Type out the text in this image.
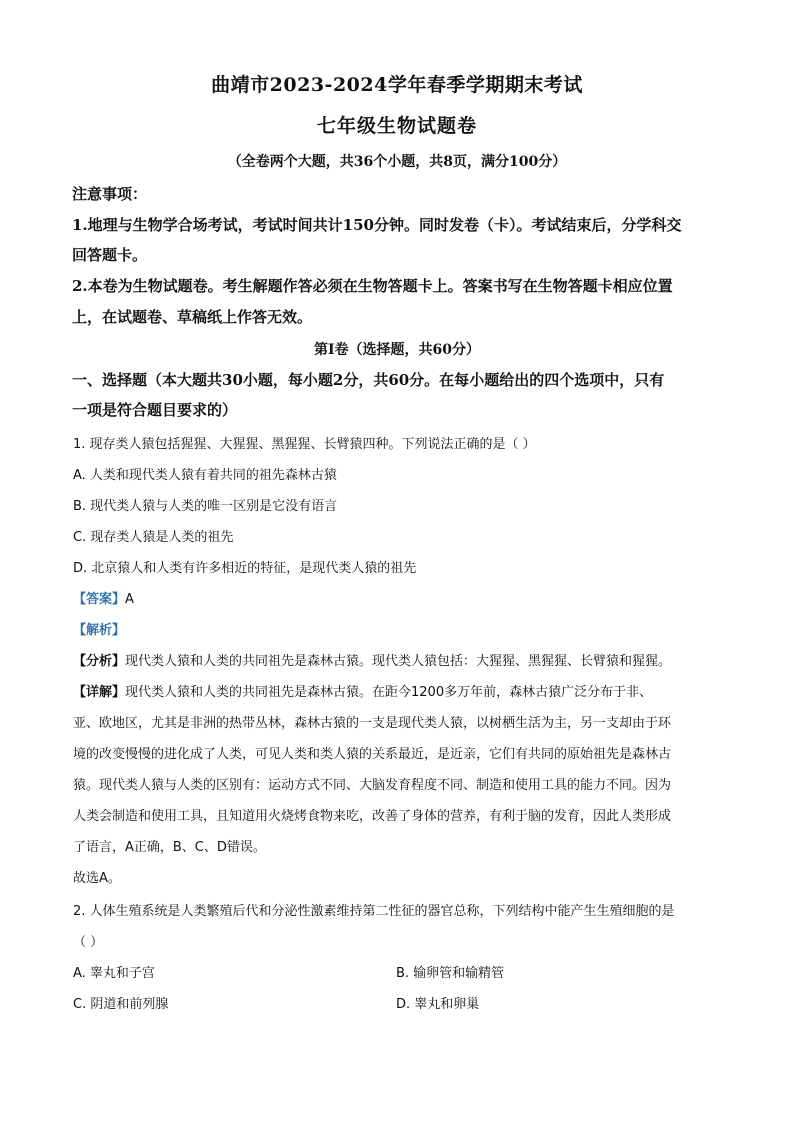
曲靖市2023-2024学年春季学期期末考试
七年级生物试题卷
（全卷两个大题，共36个小题，共8页，满分100分）
注意事项：
1.地理与生物学合场考试，考试时间共计150分钟。同时发卷（卡）。考试结束后，分学科交
回答题卡。
2.本卷为生物试题卷。考生解题作答必须在生物答题卡上。答案书写在生物答题卡相应位置
上，在试题卷、草稿纸上作答无效。
第Ⅰ卷（选择题，共60分）
一、选择题（本大题共30小题，每小题2分，共60分。在每小题给出的四个选项中，只有
一项是符合题目要求的）
1. 现存类人猿包括猩猩、大猩猩、黑猩猩、长臂猿四种。下列说法正确的是（ ）
A. 人类和现代类人猿有着共同的祖先森林古猿
B. 现代类人猿与人类的唯一区别是它没有语言
C. 现存类人猿是人类的祖先
D. 北京猿人和人类有许多相近的特征，是现代类人猿的祖先
【答案】A
【解析】
【分析】现代类人猿和人类的共同祖先是森林古猿。现代类人猿包括：大猩猩、黑猩猩、长臂猿和猩猩。
【详解】现代类人猿和人类的共同祖先是森林古猿。在距今1200多万年前，森林古猿广泛分布于非、
亚、欧地区，尤其是非洲的热带丛林，森林古猿的一支是现代类人猿，以树栖生活为主，另一支却由于环
境的改变慢慢的进化成了人类，可见人类和类人猿的关系最近，是近亲，它们有共同的原始祖先是森林古
猿。现代类人猿与人类的区别有：运动方式不同、大脑发育程度不同、制造和使用工具的能力不同。因为
人类会制造和使用工具，且知道用火烧烤食物来吃，改善了身体的营养，有利于脑的发育，因此人类形成
了语言，A正确，B、C、D错误。
故选A。
2. 人体生殖系统是人类繁殖后代和分泌性激素维持第二性征的器官总称，下列结构中能产生生殖细胞的是
（ ）
A. 睾丸和子宫	B. 输卵管和输精管
C. 阴道和前列腺	D. 睾丸和卵巢
